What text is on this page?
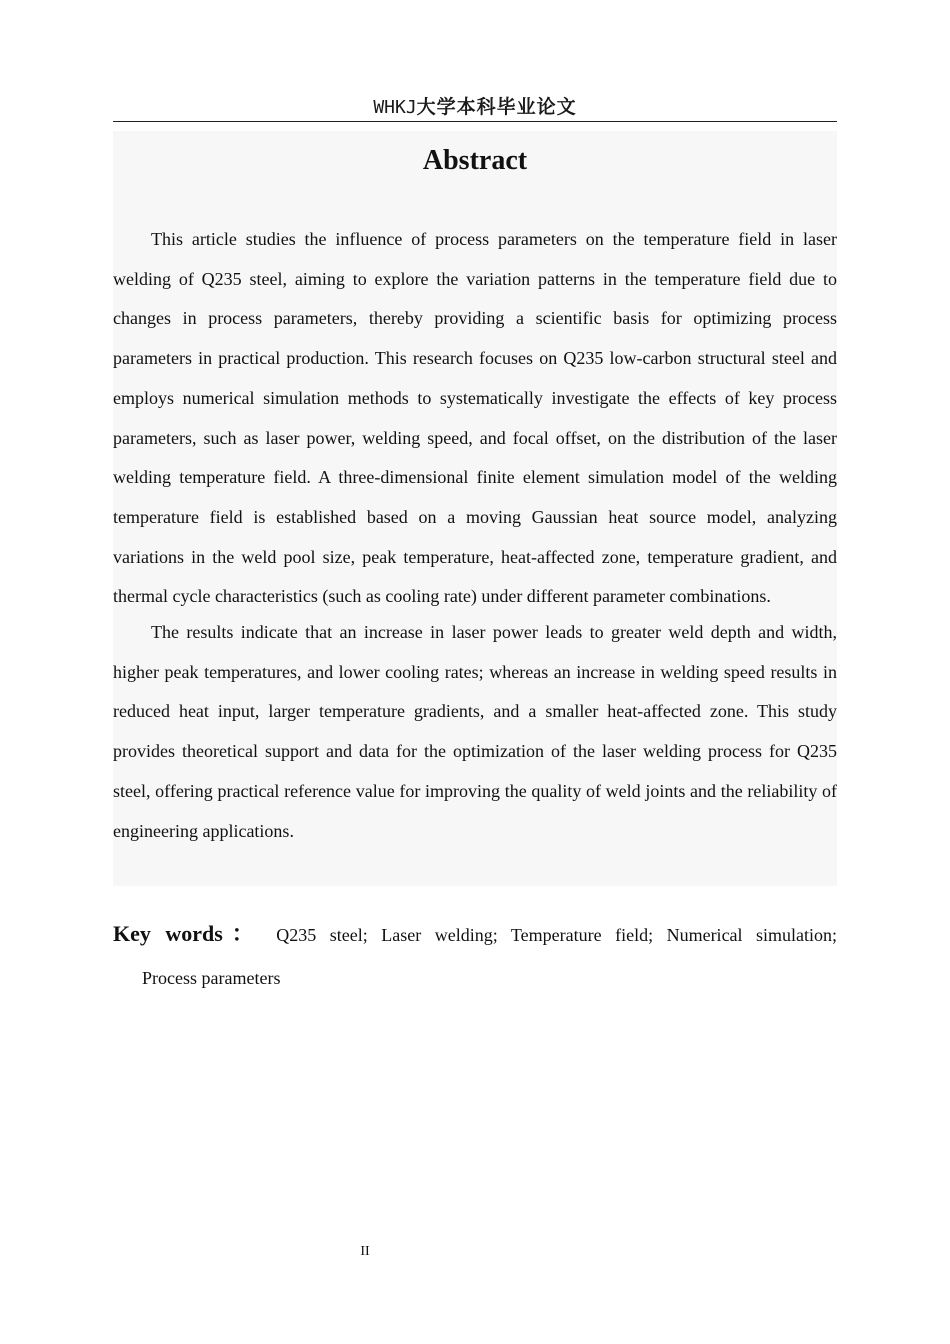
WHKJ大学本科毕业论文
Abstract

This article studies the influence of process parameters on the temperature field in laser welding of Q235 steel, aiming to explore the variation patterns in the temperature field due to changes in process parameters, thereby providing a scientific basis for optimizing process parameters in practical production. This research focuses on Q235 low-carbon structural steel and employs numerical simulation methods to systematically investigate the effects of key process parameters, such as laser power, welding speed, and focal offset, on the distribution of the laser welding temperature field. A three-dimensional finite element simulation model of the welding temperature field is established based on a moving Gaussian heat source model, analyzing variations in the weld pool size, peak temperature, heat-affected zone, temperature gradient, and thermal cycle characteristics (such as cooling rate) under different parameter combinations.

The results indicate that an increase in laser power leads to greater weld depth and width, higher peak temperatures, and lower cooling rates; whereas an increase in welding speed results in reduced heat input, larger temperature gradients, and a smaller heat-affected zone. This study provides theoretical support and data for the optimization of the laser welding process for Q235 steel, offering practical reference value for improving the quality of weld joints and the reliability of engineering applications.

Key words： Q235 steel; Laser welding; Temperature field; Numerical simulation;
Process parameters
II
